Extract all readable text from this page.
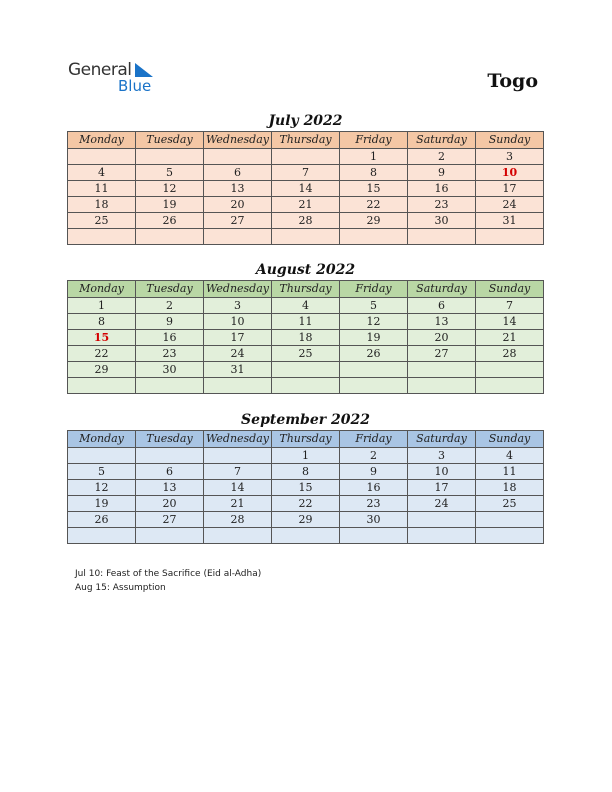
General
Blue	Togo
July 2022
Monday	Tuesday	Wednesday	Thursday	Friday	Saturday	Sunday
				1	2	3
4	5	6	7	8	9	10
11	12	13	14	15	16	17
18	19	20	21	22	23	24
25	26	27	28	29	30	31

August 2022
Monday	Tuesday	Wednesday	Thursday	Friday	Saturday	Sunday
1	2	3	4	5	6	7
8	9	10	11	12	13	14
15	16	17	18	19	20	21
22	23	24	25	26	27	28
29	30	31				

September 2022
Monday	Tuesday	Wednesday	Thursday	Friday	Saturday	Sunday
			1	2	3	4
5	6	7	8	9	10	11
12	13	14	15	16	17	18
19	20	21	22	23	24	25
26	27	28	29	30		

Jul 10: Feast of the Sacrifice (Eid al-Adha)
Aug 15: Assumption
